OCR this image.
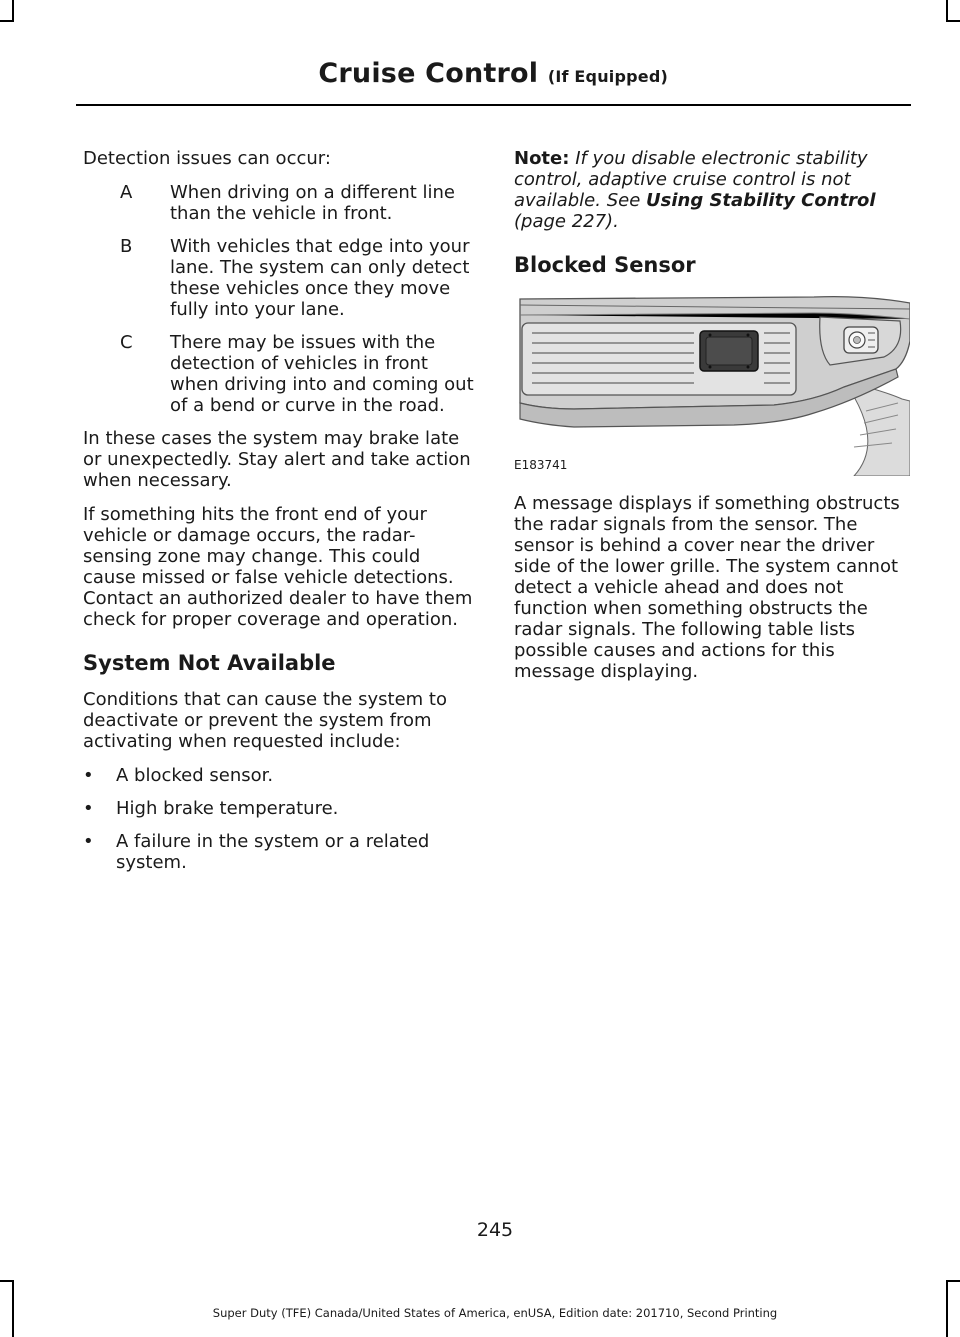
Cruise Control (If Equipped)

Detection issues can occur:

A	When driving on a different line than the vehicle in front.
B	With vehicles that edge into your lane. The system can only detect these vehicles once they move fully into your lane.
C	There may be issues with the detection of vehicles in front when driving into and coming out of a bend or curve in the road.

In these cases the system may brake late or unexpectedly. Stay alert and take action when necessary.

If something hits the front end of your vehicle or damage occurs, the radar-sensing zone may change. This could cause missed or false vehicle detections. Contact an authorized dealer to have them check for proper coverage and operation.

System Not Available

Conditions that can cause the system to deactivate or prevent the system from activating when requested include:

•	A blocked sensor.
•	High brake temperature.
•	A failure in the system or a related system.

Note: If you disable electronic stability control, adaptive cruise control is not available. See Using Stability Control (page 227).

Blocked Sensor
E183741

A message displays if something obstructs the radar signals from the sensor. The sensor is behind a cover near the driver side of the lower grille. The system cannot detect a vehicle ahead and does not function when something obstructs the radar signals. The following table lists possible causes and actions for this message displaying.

245
Super Duty (TFE) Canada/United States of America, enUSA, Edition date: 201710, Second Printing
